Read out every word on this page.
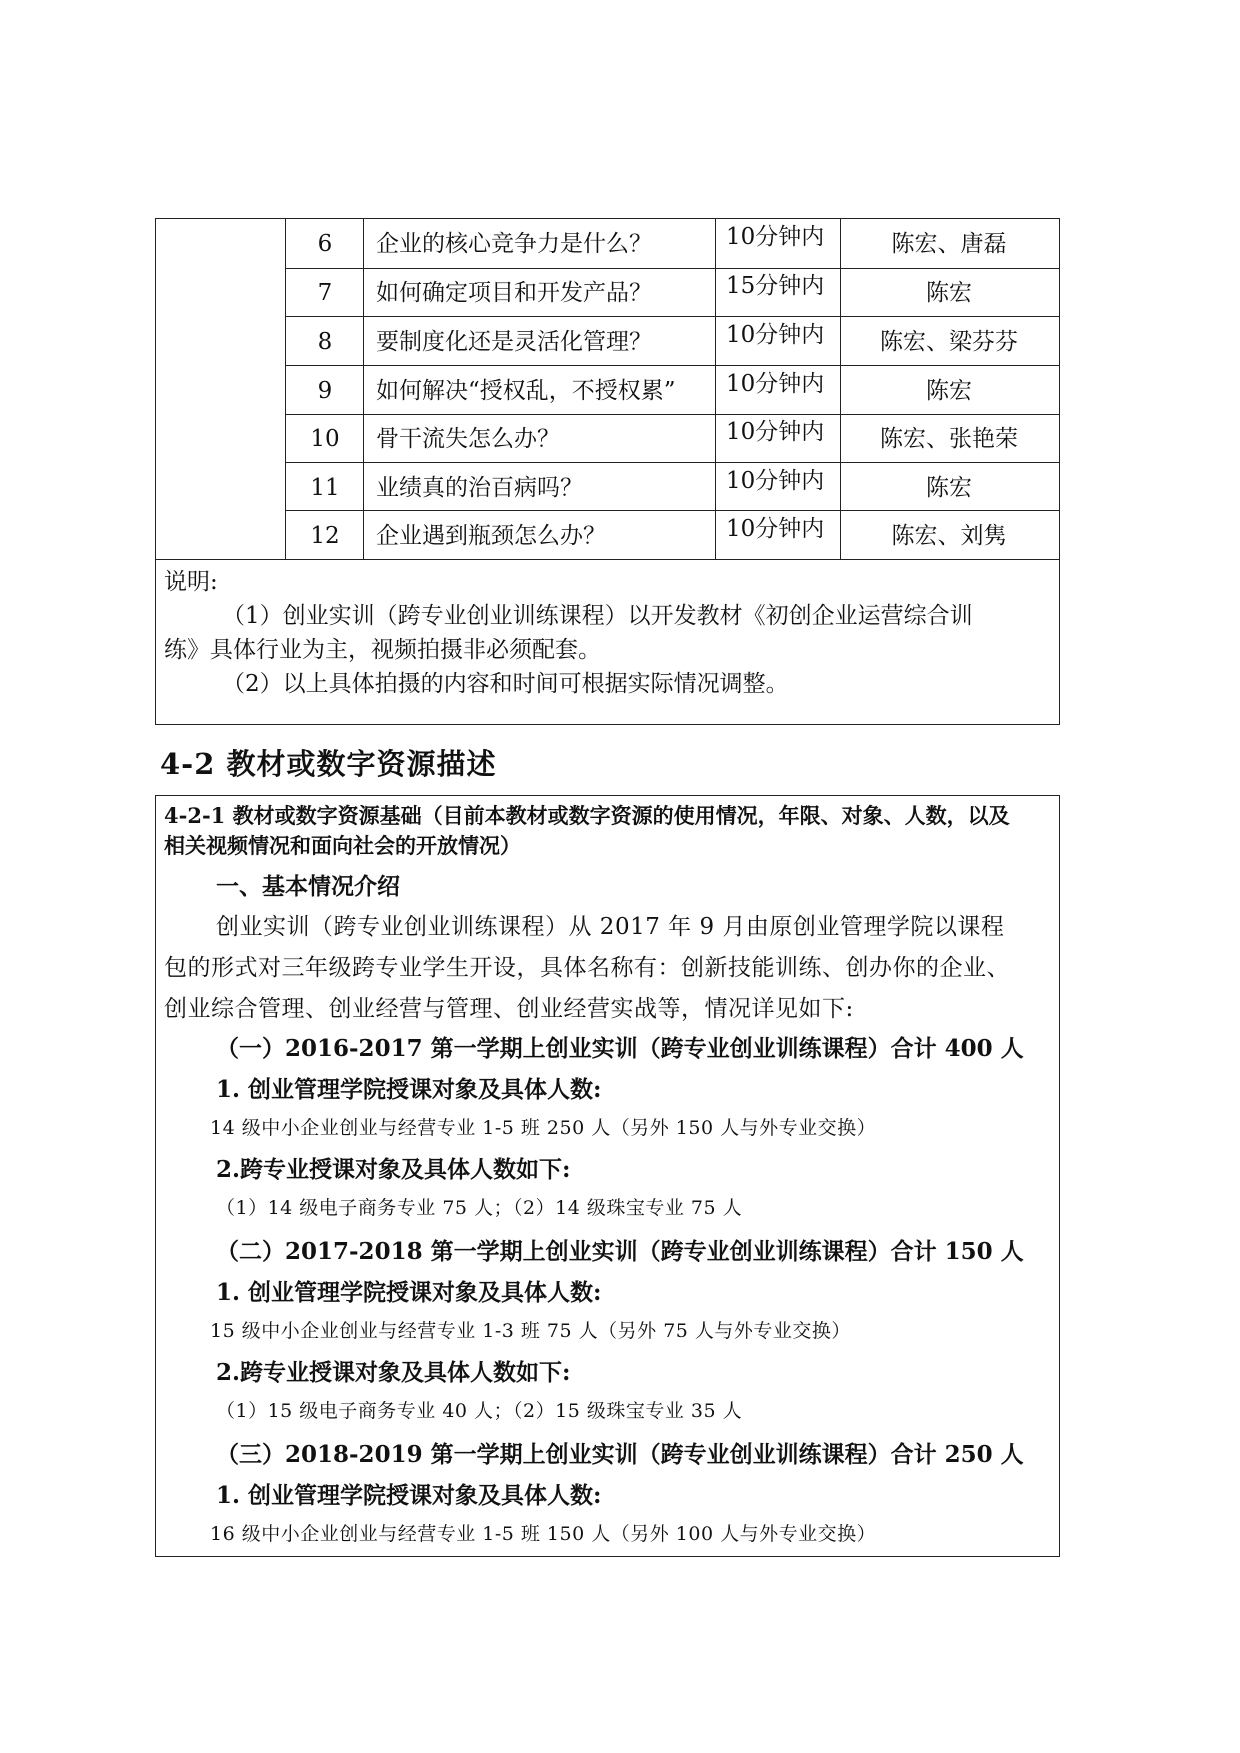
6	企业的核心竞争力是什么？	10分钟内	陈宏、唐磊
7	如何确定项目和开发产品？	15分钟内	陈宏
8	要制度化还是灵活化管理？	10分钟内	陈宏、梁芬芬
9	如何解决“授权乱，不授权累” 10分钟内	陈宏
10	骨干流失怎么办？	10分钟内	陈宏、张艳荣
11	业绩真的治百病吗？	10分钟内	陈宏
12	企业遇到瓶颈怎么办？	10分钟内	陈宏、刘隽
说明:
（1）创业实训（跨专业创业训练课程）以开发教材《初创企业运营综合训
练》具体行业为主，视频拍摄非必须配套。
（2）以上具体拍摄的内容和时间可根据实际情况调整。
4-2 教材或数字资源描述
4-2-1 教材或数字资源基础（目前本教材或数字资源的使用情况，年限、对象、人数，以及
相关视频情况和面向社会的开放情况）
一、基本情况介绍
创业实训（跨专业创业训练课程）从 2017 年 9 月由原创业管理学院以课程
包的形式对三年级跨专业学生开设，具体名称有：创新技能训练、创办你的企业、
创业综合管理、创业经营与管理、创业经营实战等，情况详见如下:
（一）2016-2017 第一学期上创业实训（跨专业创业训练课程）合计 400 人
1. 创业管理学院授课对象及具体人数:
14 级中小企业创业与经营专业 1-5 班 250 人（另外 150 人与外专业交换）
2.跨专业授课对象及具体人数如下:
（1）14 级电子商务专业 75 人；（2）14 级珠宝专业 75 人
（二）2017-2018 第一学期上创业实训（跨专业创业训练课程）合计 150 人
1. 创业管理学院授课对象及具体人数:
15 级中小企业创业与经营专业 1-3 班 75 人（另外 75 人与外专业交换）
2.跨专业授课对象及具体人数如下:
（1）15 级电子商务专业 40 人；（2）15 级珠宝专业 35 人
（三）2018-2019 第一学期上创业实训（跨专业创业训练课程）合计 250 人
1. 创业管理学院授课对象及具体人数:
16 级中小企业创业与经营专业 1-5 班 150 人（另外 100 人与外专业交换）
